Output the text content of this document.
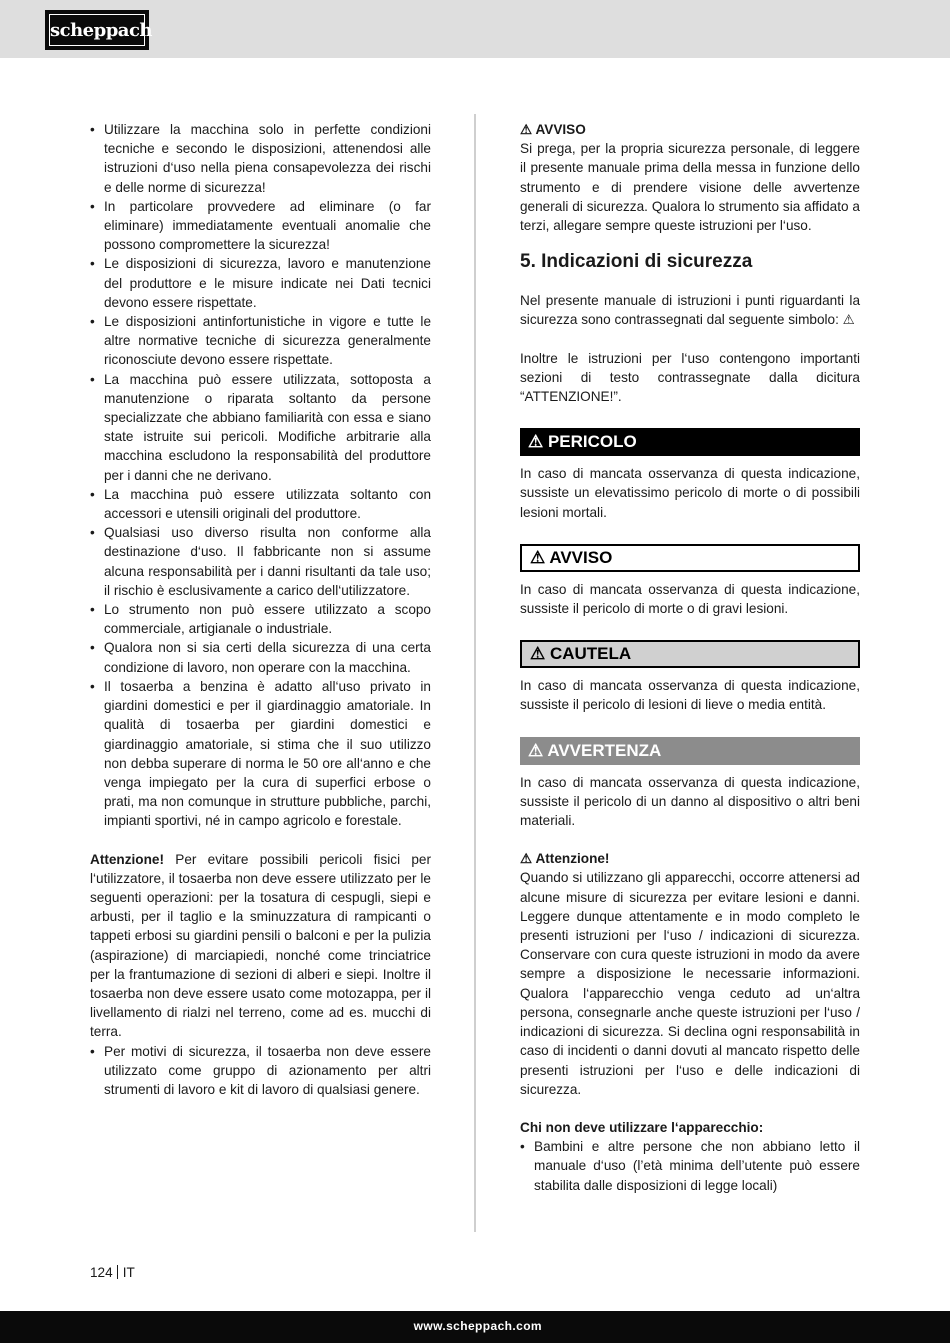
scheppach
• Utilizzare la macchina solo in perfette condizioni tecniche e secondo le disposizioni, attenendosi alle istruzioni d‘uso nella piena consapevolezza dei rischi e delle norme di sicurezza!
• In particolare provvedere ad eliminare (o far eliminare) immediatamente eventuali anomalie che possono compromettere la sicurezza!
• Le disposizioni di sicurezza, lavoro e manutenzione del produttore e le misure indicate nei Dati tecnici devono essere rispettate.
• Le disposizioni antinfortunistiche in vigore e tutte le altre normative tecniche di sicurezza generalmente riconosciute devono essere rispettate.
• La macchina può essere utilizzata, sottoposta a manutenzione o riparata soltanto da persone specializzate che abbiano familiarità con essa e siano state istruite sui pericoli. Modifiche arbitrarie alla macchina escludono la responsabilità del produttore per i danni che ne derivano.
• La macchina può essere utilizzata soltanto con accessori e utensili originali del produttore.
• Qualsiasi uso diverso risulta non conforme alla destinazione d‘uso. Il fabbricante non si assume alcuna responsabilità per i danni risultanti da tale uso; il rischio è esclusivamente a carico dell‘utilizzatore.
• Lo strumento non può essere utilizzato a scopo commerciale, artigianale o industriale.
• Qualora non si sia certi della sicurezza di una certa condizione di lavoro, non operare con la macchina.
• Il tosaerba a benzina è adatto all‘uso privato in giardini domestici e per il giardinaggio amatoriale. In qualità di tosaerba per giardini domestici e giardinaggio amatoriale, si stima che il suo utilizzo non debba superare di norma le 50 ore all‘anno e che venga impiegato per la cura di superfici erbose o prati, ma non comunque in strutture pubbliche, parchi, impianti sportivi, né in campo agricolo e forestale.

Attenzione! Per evitare possibili pericoli fisici per l‘utilizzatore, il tosaerba non deve essere utilizzato per le seguenti operazioni: per la tosatura di cespugli, siepi e arbusti, per il taglio e la sminuzzatura di rampicanti o tappeti erbosi su giardini pensili o balconi e per la pulizia (aspirazione) di marciapiedi, nonché come trinciatrice per la frantumazione di sezioni di alberi e siepi. Inoltre il tosaerba non deve essere usato come motozappa, per il livellamento di rialzi nel terreno, come ad es. mucchi di terra.

• Per motivi di sicurezza, il tosaerba non deve essere utilizzato come gruppo di azionamento per altri strumenti di lavoro e kit di lavoro di qualsiasi genere.

⚠ AVVISO

Si prega, per la propria sicurezza personale, di leggere il presente manuale prima della messa in funzione dello strumento e di prendere visione delle avvertenze generali di sicurezza. Qualora lo strumento sia affidato a terzi, allegare sempre queste istruzioni per l‘uso.

5. Indicazioni di sicurezza

Nel presente manuale di istruzioni i punti riguardanti la sicurezza sono contrassegnati dal seguente simbolo: ⚠

Inoltre le istruzioni per l‘uso contengono importanti sezioni di testo contrassegnate dalla dicitura “ATTENZIONE!”.

⚠ PERICOLO

In caso di mancata osservanza di questa indicazione, sussiste un elevatissimo pericolo di morte o di possibili lesioni mortali.

⚠ AVVISO

In caso di mancata osservanza di questa indicazione, sussiste il pericolo di morte o di gravi lesioni.

⚠ CAUTELA

In caso di mancata osservanza di questa indicazione, sussiste il pericolo di lesioni di lieve o media entità.

⚠ AVVERTENZA

In caso di mancata osservanza di questa indicazione, sussiste il pericolo di un danno al dispositivo o altri beni materiali.

⚠ Attenzione!

Quando si utilizzano gli apparecchi, occorre attenersi ad alcune misure di sicurezza per evitare lesioni e danni. Leggere dunque attentamente e in modo completo le presenti istruzioni per l‘uso / indicazioni di sicurezza. Conservare con cura queste istruzioni in modo da avere sempre a disposizione le necessarie informazioni. Qualora l‘apparecchio venga ceduto ad un‘altra persona, consegnarle anche queste istruzioni per l‘uso / indicazioni di sicurezza. Si declina ogni responsabilità in caso di incidenti o danni dovuti al mancato rispetto delle presenti istruzioni per l‘uso e delle indicazioni di sicurezza.

Chi non deve utilizzare l‘apparecchio:

• Bambini e altre persone che non abbiano letto il manuale d‘uso (l’età minima dell’utente può essere stabilita dalle disposizioni di legge locali)
124 IT
www.scheppach.com
